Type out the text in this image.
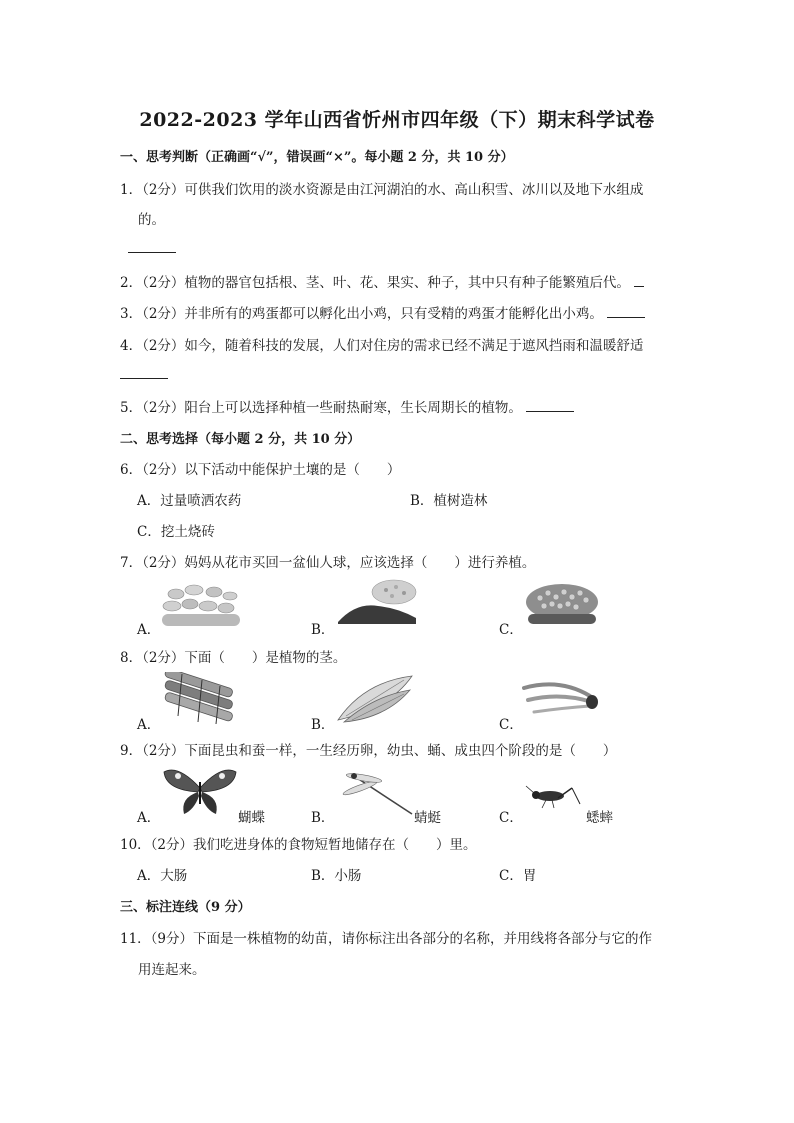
2022-2023 学年山西省忻州市四年级（下）期末科学试卷
一、思考判断（正确画“√”，错误画“×”。每小题 2 分，共 10 分）
1．（2分）可供我们饮用的淡水资源是由江河湖泊的水、高山积雪、冰川以及地下水组成
的。
2．（2分）植物的器官包括根、茎、叶、花、果实、种子，其中只有种子能繁殖后代。
3．（2分）并非所有的鸡蛋都可以孵化出小鸡，只有受精的鸡蛋才能孵化出小鸡。
4．（2分）如今，随着科技的发展，人们对住房的需求已经不满足于遮风挡雨和温暖舒适
5．（2分）阳台上可以选择种植一些耐热耐寒，生长周期长的植物。
二、思考选择（每小题 2 分，共 10 分）
6．（2分）以下活动中能保护土壤的是（　　）
A．过量喷洒农药	B．植树造林
C．挖土烧砖
7．（2分）妈妈从花市买回一盆仙人球，应该选择（　　）进行养植。
A．	B．	C．
8．（2分）下面（　　）是植物的茎。
A．	B．	C．
9．（2分）下面昆虫和蚕一样，一生经历卵，幼虫、蛹、成虫四个阶段的是（　　）
A．	蝴蝶	B．	蜻蜓	C．	蟋蟀
10．（2分）我们吃进身体的食物短暂地储存在（　　）里。
A．大肠	B．小肠	C．胃
三、标注连线（9 分）
11．（9分）下面是一株植物的幼苗，请你标注出各部分的名称，并用线将各部分与它的作
用连起来。
